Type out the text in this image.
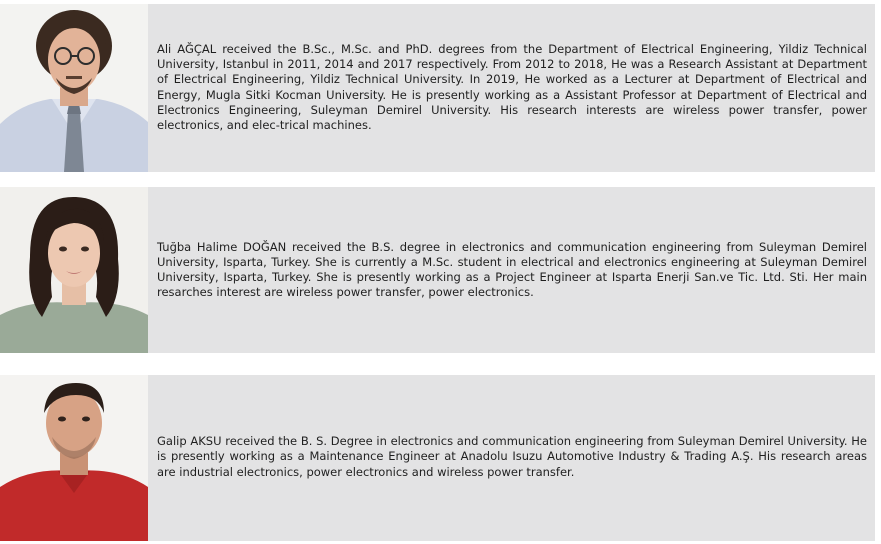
Ali AĞÇAL received the B.Sc., M.Sc. and PhD. degrees from the Department of Electrical Engineering, Yildiz Technical University, Istanbul in 2011, 2014 and 2017 respectively. From 2012 to 2018, He was a Research Assistant at Department of Electrical Engineering, Yildiz Technical University. In 2019, He worked as a Lecturer at Department of Electrical and Energy, Mugla Sitki Kocman University. He is presently working as a Assistant Professor at Department of Electrical and Electronics Engineering, Suleyman Demirel University. His research interests are wireless power transfer, power electronics, and elec-trical machines.

Tuğba Halime DOĞAN received the B.S. degree in electronics and communication engineering from Suleyman Demirel University, Isparta, Turkey. She is currently a M.Sc. student in electrical and electronics engineering at Suleyman Demirel University, Isparta, Turkey. She is presently working as a Project Engineer at Isparta Enerji San.ve Tic. Ltd. Sti. Her main resarches interest are wireless power transfer, power electronics.

Galip AKSU received the B. S. Degree in electronics and communication engineering from Suleyman Demirel University. He is presently working as a Maintenance Engineer at Anadolu Isuzu Automotive Industry & Trading A.Ş. His research areas are industrial electronics, power electronics and wireless power transfer.
